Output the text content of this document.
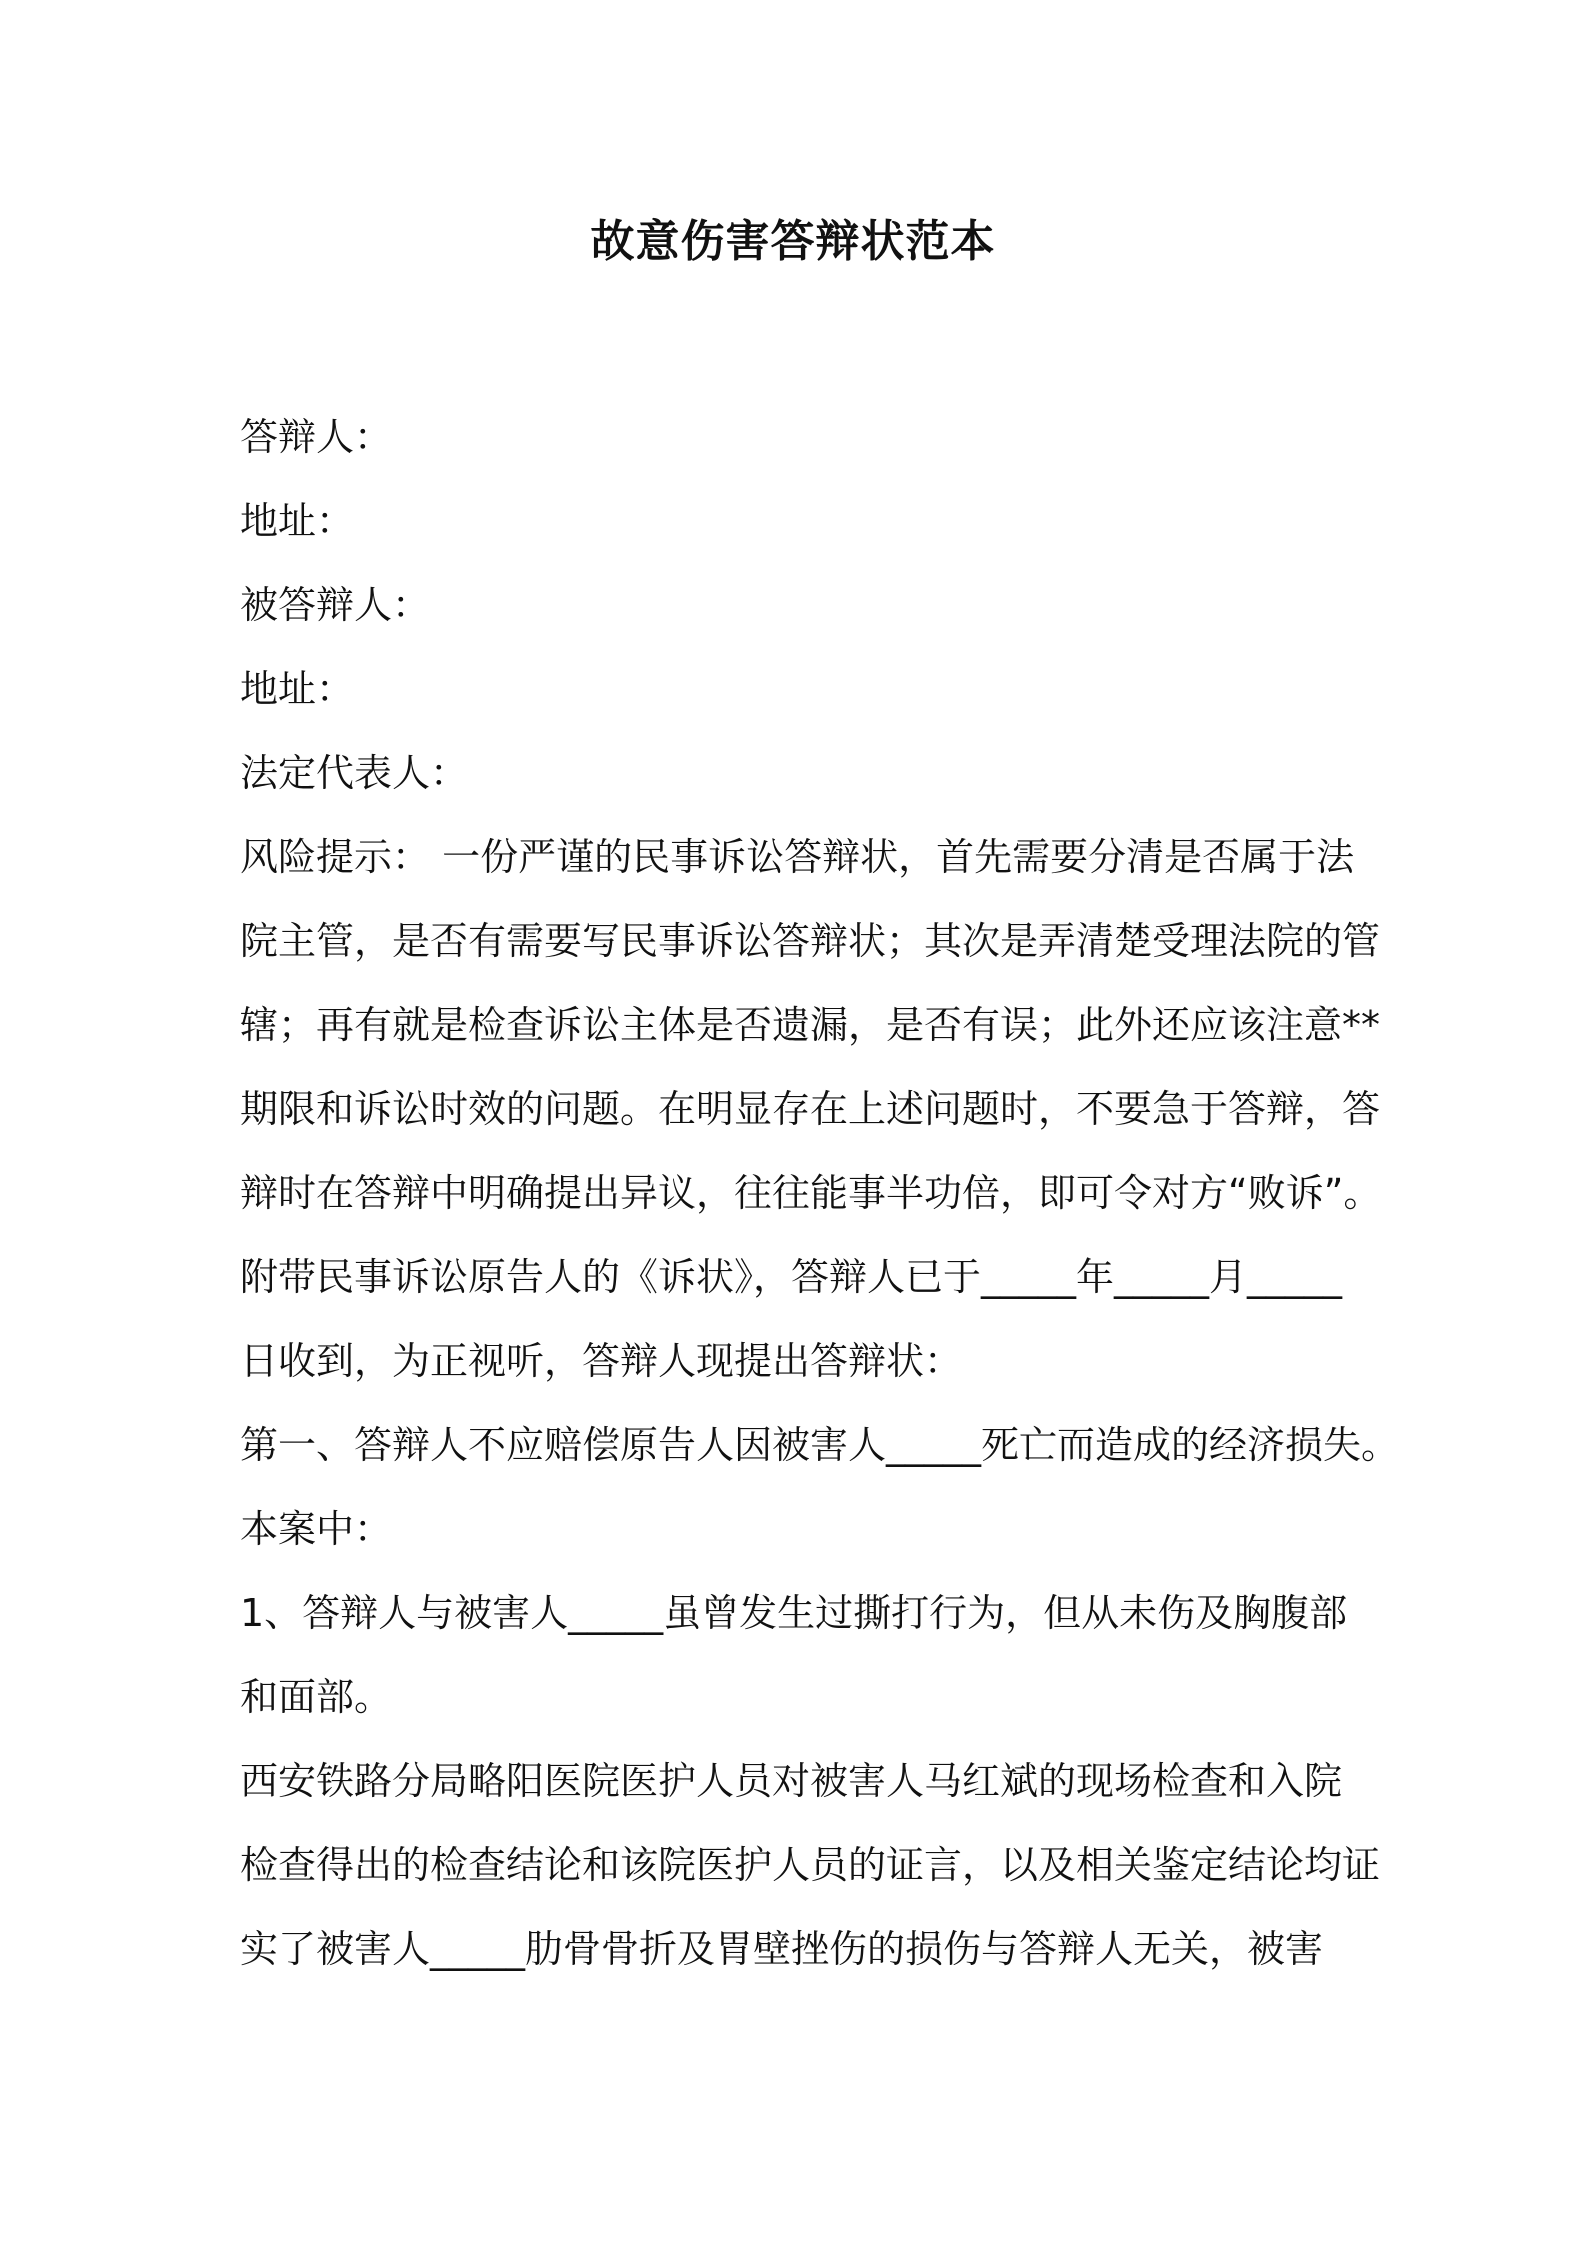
故意伤害答辩状范本
答辩人：
地址：
被答辩人：
地址：
法定代表人：
风险提示： 一份严谨的民事诉讼答辩状，首先需要分清是否属于法
院主管，是否有需要写民事诉讼答辩状；其次是弄清楚受理法院的管
辖；再有就是检查诉讼主体是否遗漏，是否有误；此外还应该注意**
期限和诉讼时效的问题。在明显存在上述问题时，不要急于答辩，答
辩时在答辩中明确提出异议，往往能事半功倍，即可令对方“败诉”。
附带民事诉讼原告人的《诉状》，答辩人已于_____年_____月_____
日收到，为正视听，答辩人现提出答辩状：
第一、答辩人不应赔偿原告人因被害人_____死亡而造成的经济损失。
本案中：
1、答辩人与被害人_____虽曾发生过撕打行为，但从未伤及胸腹部
和面部。
西安铁路分局略阳医院医护人员对被害人马红斌的现场检查和入院
检查得出的检查结论和该院医护人员的证言，以及相关鉴定结论均证
实了被害人_____肋骨骨折及胃壁挫伤的损伤与答辩人无关，被害
